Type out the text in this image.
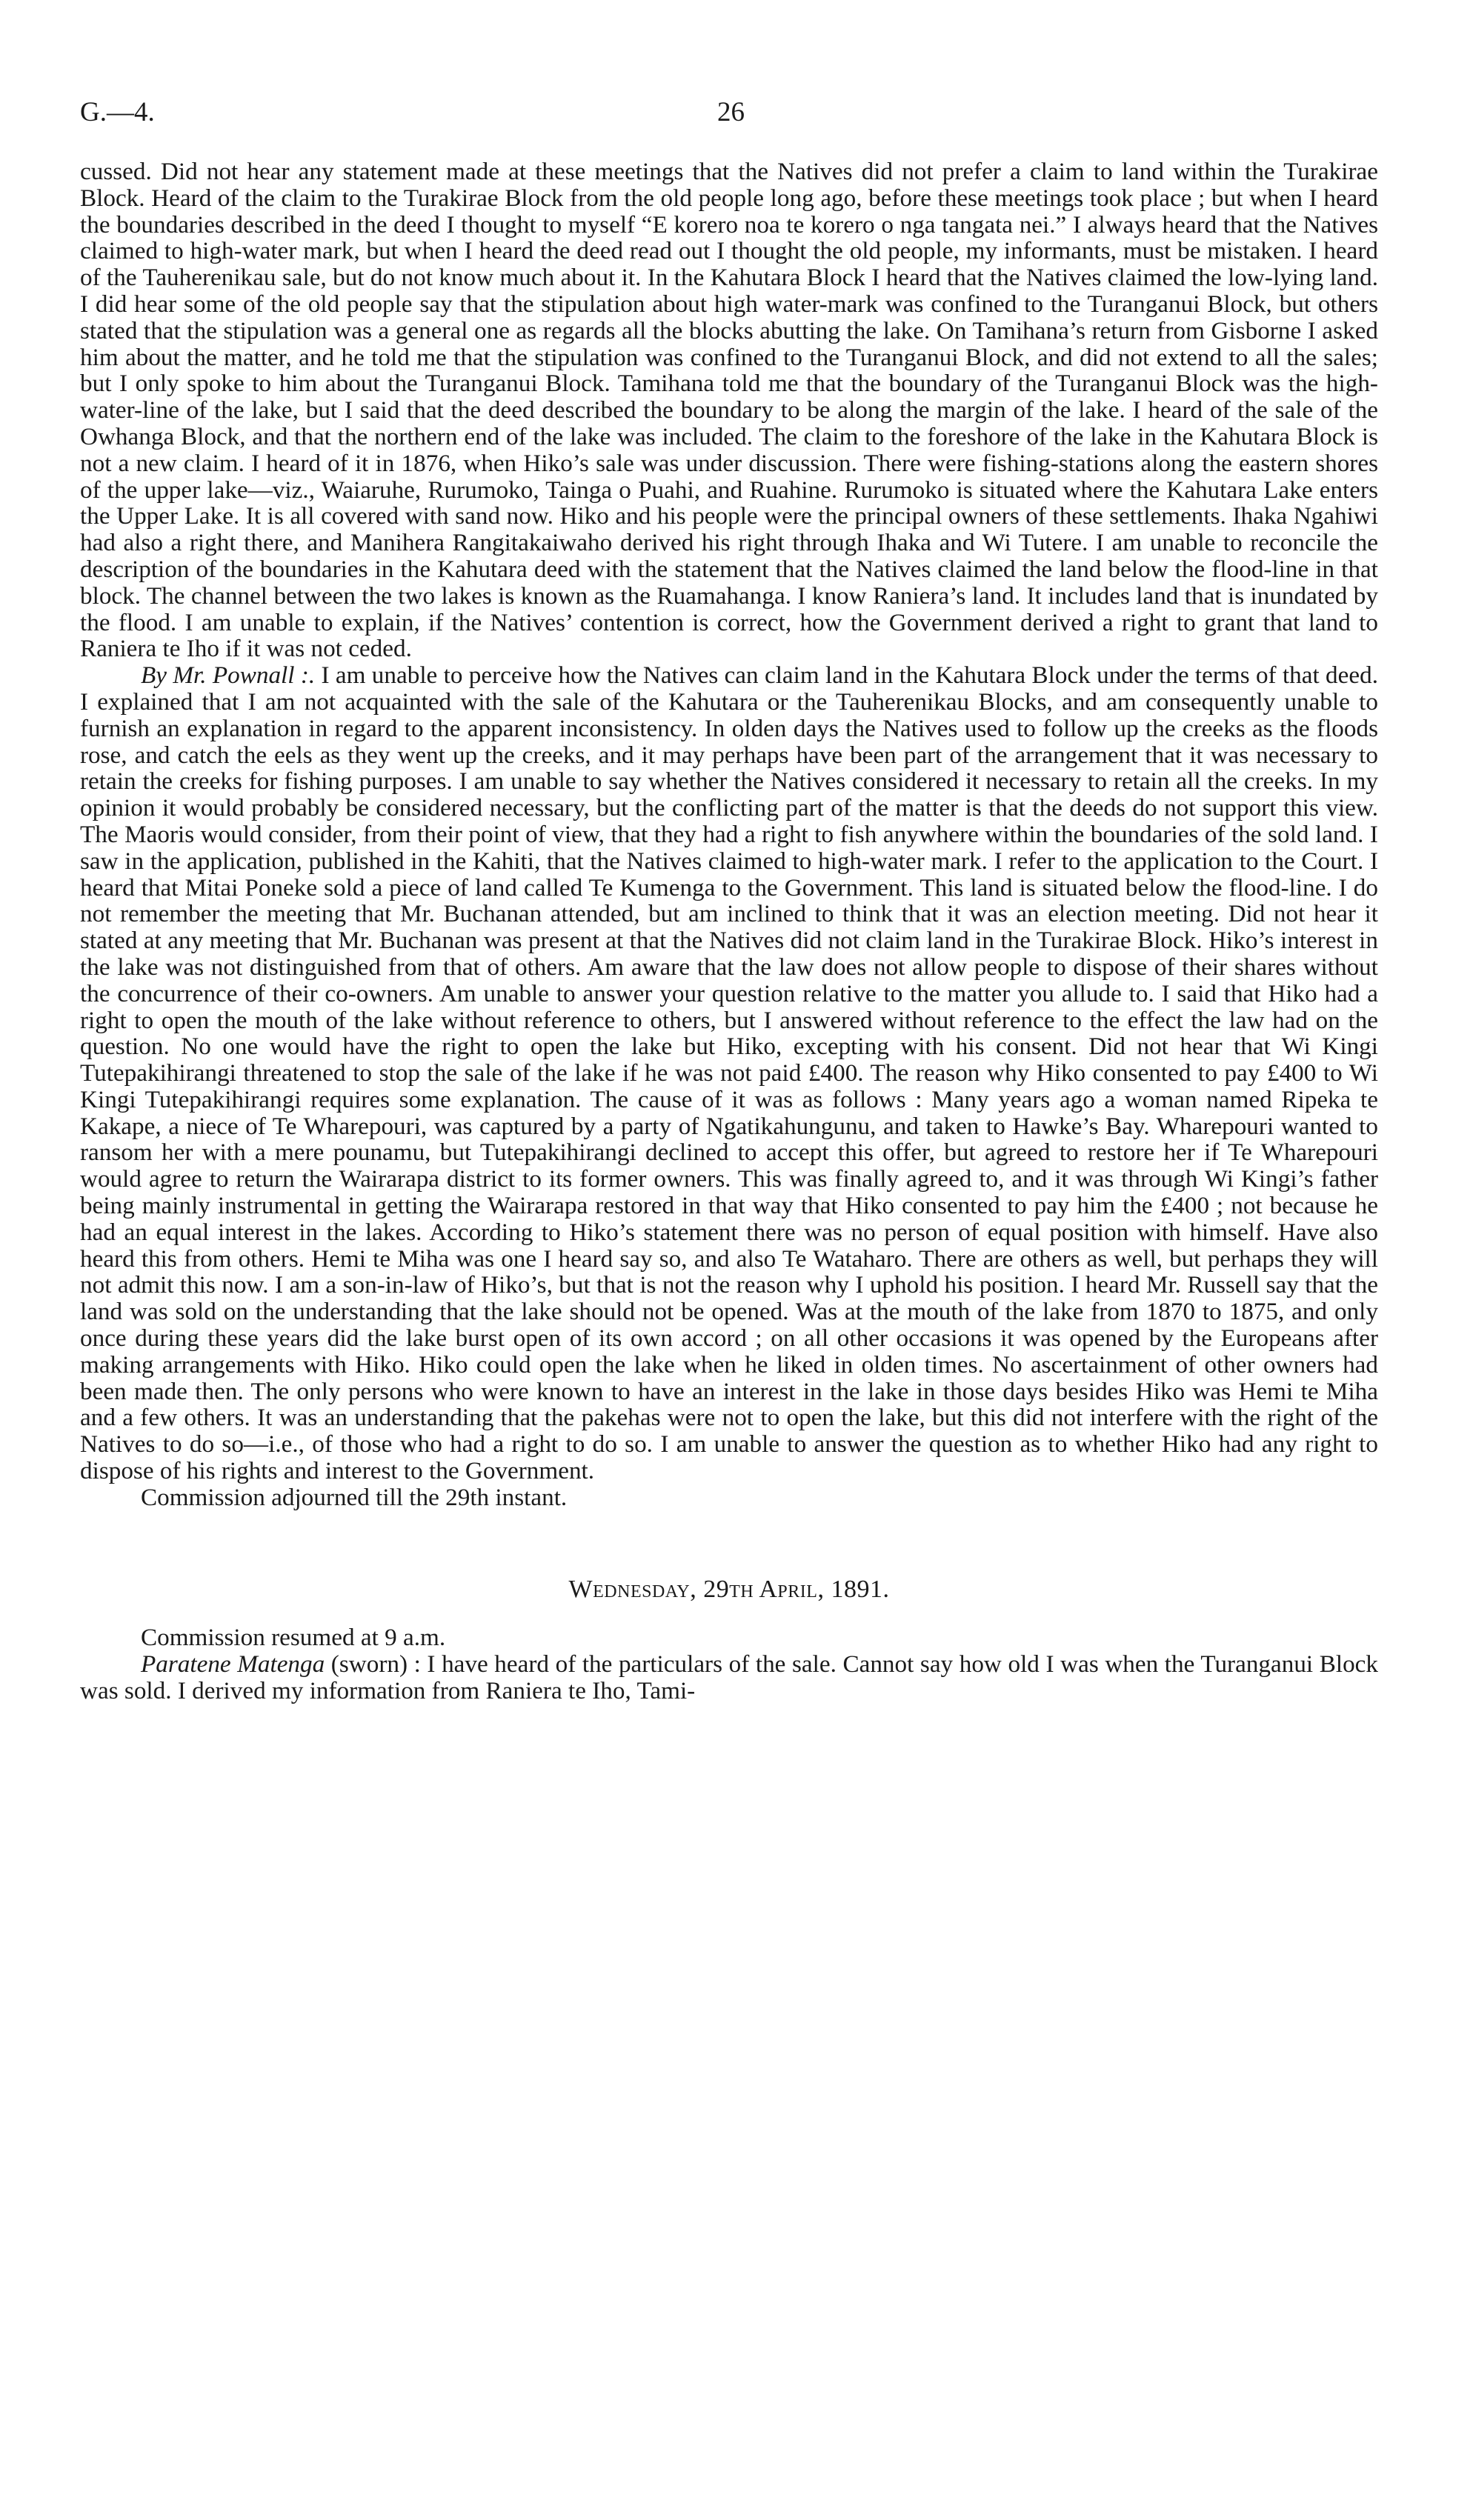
G.—4.	26

cussed. Did not hear any statement made at these meetings that the Natives did not prefer a claim to land within the Turakirae Block. Heard of the claim to the Turakirae Block from the old people long ago, before these meetings took place ; but when I heard the boundaries described in the deed I thought to myself “E korero noa te korero o nga tangata nei.” I always heard that the Natives claimed to high-water mark, but when I heard the deed read out I thought the old people, my informants, must be mistaken. I heard of the Tauherenikau sale, but do not know much about it. In the Kahutara Block I heard that the Natives claimed the low-lying land. I did hear some of the old people say that the stipulation about high water-mark was confined to the Turanganui Block, but others stated that the stipulation was a general one as regards all the blocks abutting the lake. On Tamihana’s return from Gisborne I asked him about the matter, and he told me that the stipulation was confined to the Turanganui Block, and did not extend to all the sales; but I only spoke to him about the Turanganui Block. Tamihana told me that the boundary of the Turanganui Block was the high-water-line of the lake, but I said that the deed described the boundary to be along the margin of the lake. I heard of the sale of the Owhanga Block, and that the northern end of the lake was included. The claim to the foreshore of the lake in the Kahutara Block is not a new claim. I heard of it in 1876, when Hiko’s sale was under discussion. There were fishing-stations along the eastern shores of the upper lake—viz., Waiaruhe, Rurumoko, Tainga o Puahi, and Ruahine. Rurumoko is situated where the Kahutara Lake enters the Upper Lake. It is all covered with sand now. Hiko and his people were the principal owners of these settlements. Ihaka Ngahiwi had also a right there, and Manihera Rangitakaiwaho derived his right through Ihaka and Wi Tutere. I am unable to reconcile the description of the boundaries in the Kahutara deed with the statement that the Natives claimed the land below the flood-line in that block. The channel between the two lakes is known as the Ruamahanga. I know Raniera’s land. It includes land that is inundated by the flood. I am unable to explain, if the Natives’ contention is correct, how the Government derived a right to grant that land to Raniera te Iho if it was not ceded.

By Mr. Pownall :. I am unable to perceive how the Natives can claim land in the Kahutara Block under the terms of that deed. I explained that I am not acquainted with the sale of the Kahutara or the Tauherenikau Blocks, and am consequently unable to furnish an explanation in regard to the apparent inconsistency. In olden days the Natives used to follow up the creeks as the floods rose, and catch the eels as they went up the creeks, and it may perhaps have been part of the arrangement that it was necessary to retain the creeks for fishing purposes. I am unable to say whether the Natives considered it necessary to retain all the creeks. In my opinion it would probably be considered necessary, but the conflicting part of the matter is that the deeds do not support this view. The Maoris would consider, from their point of view, that they had a right to fish anywhere within the boundaries of the sold land. I saw in the application, published in the Kahiti, that the Natives claimed to high-water mark. I refer to the application to the Court. I heard that Mitai Poneke sold a piece of land called Te Kumenga to the Government. This land is situated below the flood-line. I do not remember the meeting that Mr. Buchanan attended, but am inclined to think that it was an election meeting. Did not hear it stated at any meeting that Mr. Buchanan was present at that the Natives did not claim land in the Turakirae Block. Hiko’s interest in the lake was not distinguished from that of others. Am aware that the law does not allow people to dispose of their shares without the concurrence of their co-owners. Am unable to answer your question relative to the matter you allude to. I said that Hiko had a right to open the mouth of the lake without reference to others, but I answered without reference to the effect the law had on the question. No one would have the right to open the lake but Hiko, excepting with his consent. Did not hear that Wi Kingi Tutepakihirangi threatened to stop the sale of the lake if he was not paid £400. The reason why Hiko consented to pay £400 to Wi Kingi Tutepakihirangi requires some explanation. The cause of it was as follows : Many years ago a woman named Ripeka te Kakape, a niece of Te Wharepouri, was captured by a party of Ngatikahungunu, and taken to Hawke’s Bay. Wharepouri wanted to ransom her with a mere pounamu, but Tutepakihirangi declined to accept this offer, but agreed to restore her if Te Wharepouri would agree to return the Wairarapa district to its former owners. This was finally agreed to, and it was through Wi Kingi’s father being mainly instrumental in getting the Wairarapa restored in that way that Hiko consented to pay him the £400 ; not because he had an equal interest in the lakes. According to Hiko’s statement there was no person of equal position with himself. Have also heard this from others. Hemi te Miha was one I heard say so, and also Te Wataharo. There are others as well, but perhaps they will not admit this now. I am a son-in-law of Hiko’s, but that is not the reason why I uphold his position. I heard Mr. Russell say that the land was sold on the understanding that the lake should not be opened. Was at the mouth of the lake from 1870 to 1875, and only once during these years did the lake burst open of its own accord ; on all other occasions it was opened by the Europeans after making arrangements with Hiko. Hiko could open the lake when he liked in olden times. No ascertainment of other owners had been made then. The only persons who were known to have an interest in the lake in those days besides Hiko was Hemi te Miha and a few others. It was an understanding that the pakehas were not to open the lake, but this did not interfere with the right of the Natives to do so—i.e., of those who had a right to do so. I am unable to answer the question as to whether Hiko had any right to dispose of his rights and interest to the Government.

Commission adjourned till the 29th instant.

Wednesday, 29th April, 1891.

Commission resumed at 9 a.m.

Paratene Matenga (sworn) : I have heard of the particulars of the sale. Cannot say how old I was when the Turanganui Block was sold. I derived my information from Raniera te Iho, Tami-
